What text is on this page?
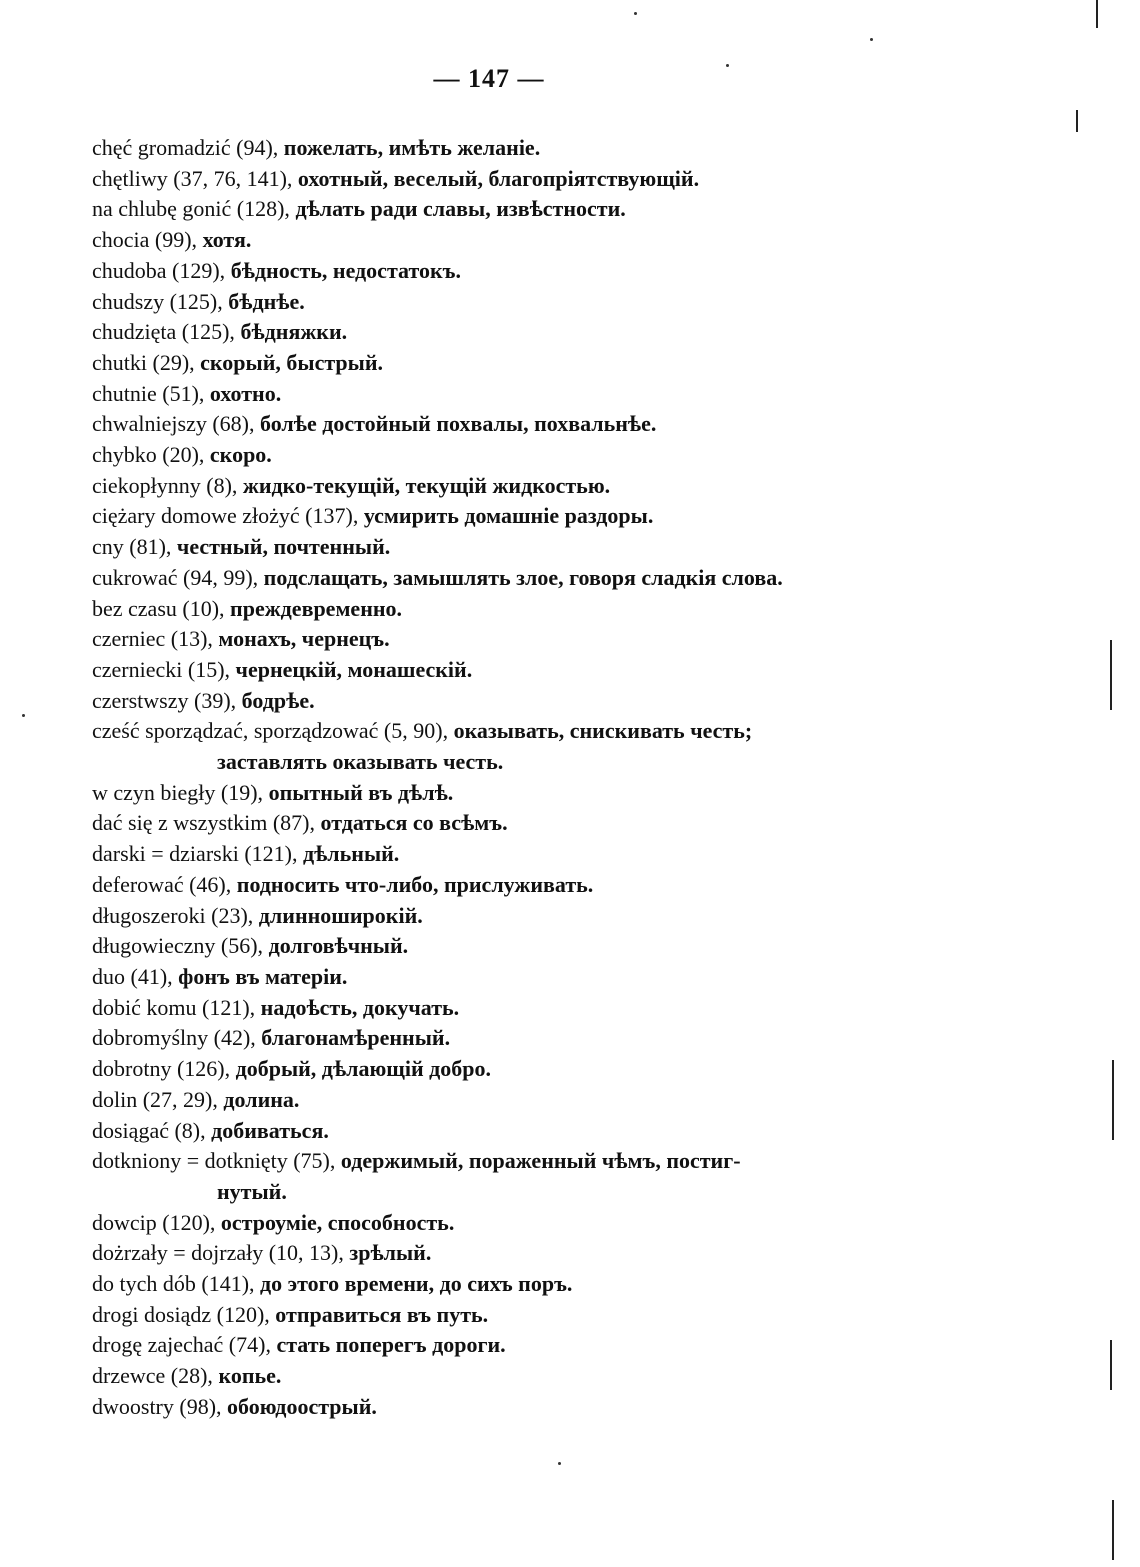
— 147 —
chęć gromadzić (94), пожелать, имѣть желаніе.
chętliwy (37, 76, 141), охотный, веселый, благопріятствующій.
na chlubę gonić (128), дѣлать ради славы, извѣстности.
chocia (99), хотя.
chudoba (129), бѣдность, недостатокъ.
chudszy (125), бѣднѣе.
chudzięta (125), бѣдняжки.
chutki (29), скорый, быстрый.
chutnie (51), охотно.
chwalniejszy (68), болѣе достойный похвалы, похвальнѣе.
chybko (20), скоро.
ciekopłynny (8), жидко-текущій, текущій жидкостью.
ciężary domowe złożyć (137), усмирить домашніе раздоры.
cny (81), честный, почтенный.
cukrować (94, 99), подслащать, замышлять злое, говоря сладкія слова.
bez czasu (10), преждевременно.
czerniec (13), монахъ, чернецъ.
czerniecki (15), чернецкій, монашескій.
czerstwszy (39), бодрѣе.
cześć sporządzać, sporządzować (5, 90), оказывать, снискивать честь;
заставлять оказывать честь.
w czyn biegły (19), опытный въ дѣлѣ.
dać się z wszystkim (87), отдаться со всѣмъ.
darski = dziarski (121), дѣльный.
deferować (46), подносить что-либо, прислуживать.
długoszeroki (23), длинноширокій.
długowieczny (56), долговѣчный.
duo (41), фонъ въ матеріи.
dobić komu (121), надоѣсть, докучать.
dobromyślny (42), благонамѣренный.
dobrotny (126), добрый, дѣлающій добро.
dolin (27, 29), долина.
dosiągać (8), добиваться.
dotkniony = dotknięty (75), одержимый, пораженный чѣмъ, постиг-
нутый.
dowcip (120), остроуміе, способность.
dożrzały = dojrzały (10, 13), зрѣлый.
do tych dób (141), до этого времени, до сихъ поръ.
drogi dosiądz (120), отправиться въ путь.
drogę zajechać (74), стать поперегъ дороги.
drzewce (28), копье.
dwoostry (98), обоюдоострый.
